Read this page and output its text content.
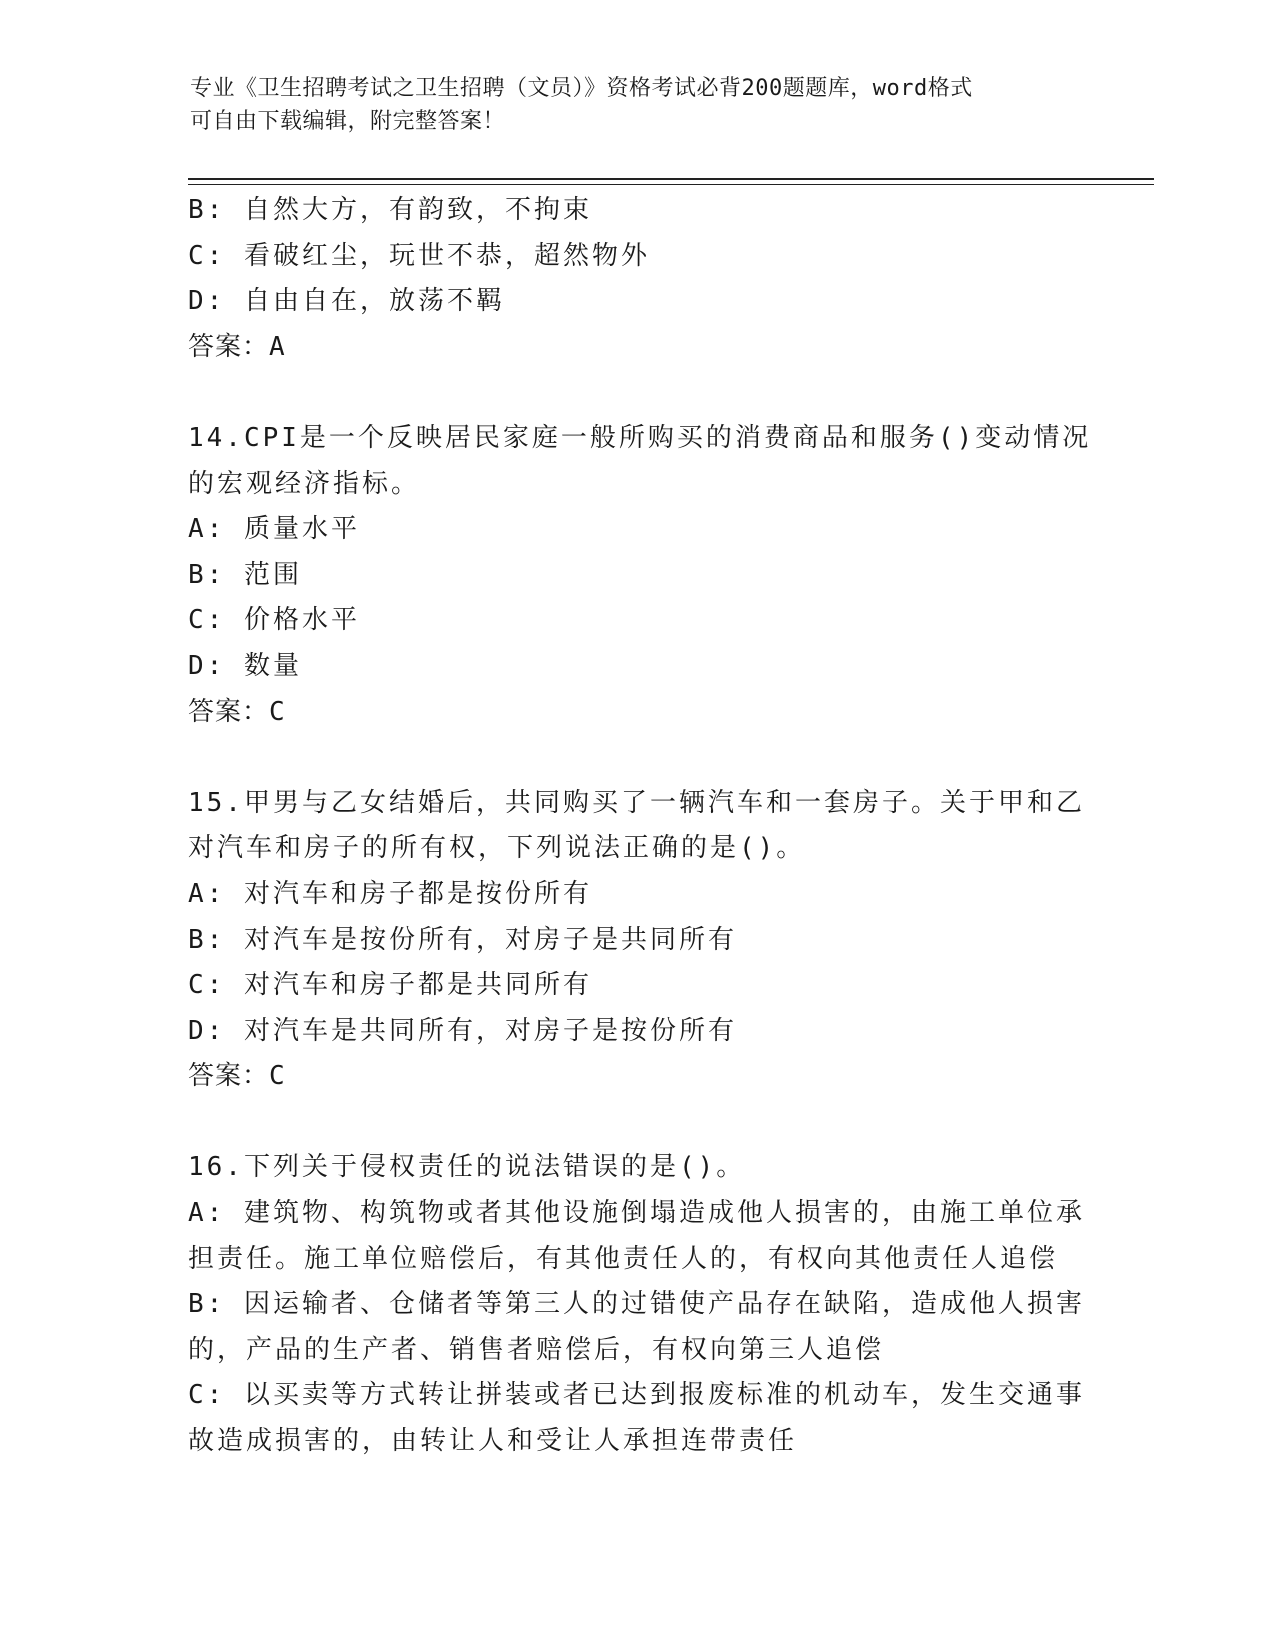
专业《卫生招聘考试之卫生招聘（文员）》资格考试必背200题题库，word格式
可自由下载编辑，附完整答案！
B: 自然大方，有韵致，不拘束
C: 看破红尘，玩世不恭，超然物外
D: 自由自在，放荡不羁
答案：A
14.CPI是一个反映居民家庭一般所购买的消费商品和服务()变动情况
的宏观经济指标。
A: 质量水平
B: 范围
C: 价格水平
D: 数量
答案：C
15.甲男与乙女结婚后，共同购买了一辆汽车和一套房子。关于甲和乙
对汽车和房子的所有权，下列说法正确的是()。
A: 对汽车和房子都是按份所有
B: 对汽车是按份所有，对房子是共同所有
C: 对汽车和房子都是共同所有
D: 对汽车是共同所有，对房子是按份所有
答案：C
16.下列关于侵权责任的说法错误的是()。
A: 建筑物、构筑物或者其他设施倒塌造成他人损害的，由施工单位承
担责任。施工单位赔偿后，有其他责任人的，有权向其他责任人追偿
B: 因运输者、仓储者等第三人的过错使产品存在缺陷，造成他人损害
的，产品的生产者、销售者赔偿后，有权向第三人追偿
C: 以买卖等方式转让拼装或者已达到报废标准的机动车，发生交通事
故造成损害的，由转让人和受让人承担连带责任
